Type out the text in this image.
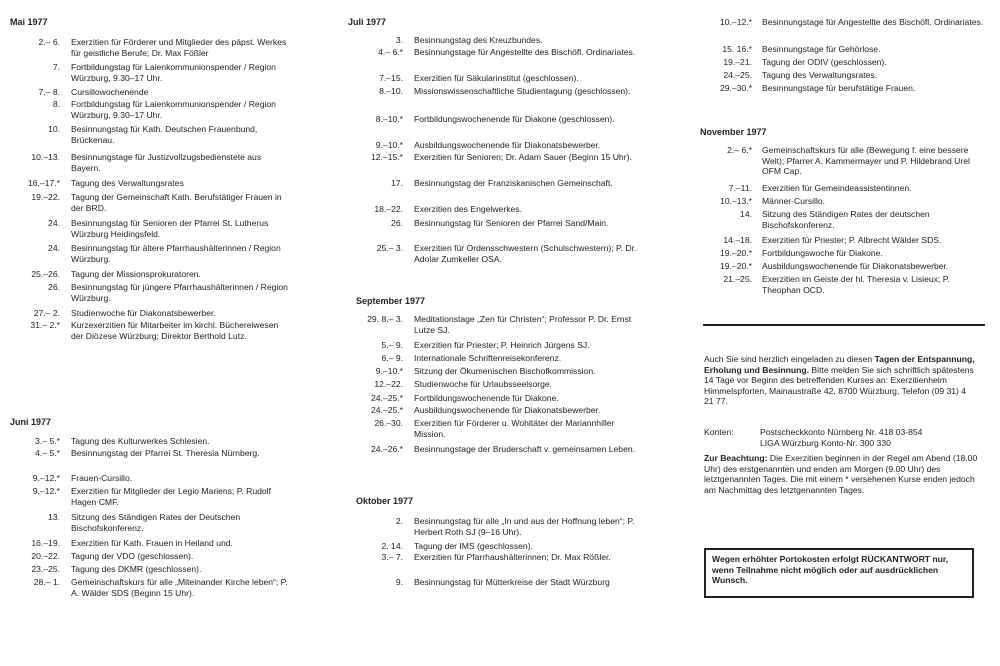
Mai 1977
2.– 6. Exerzitien für Förderer und Mitglieder des päpst. Werkes für geistliche Berufe; Dr. Max Fößler
7. Fortbildungstag für Laienkommunionspender / Region Würzburg, 9.30–17 Uhr.
7.– 8. Cursillowochenende
8. Fortbildungstag für Laienkommunionspender / Region Würzburg, 9.30–17 Uhr.
10. Besinnungstag für Kath. Deutschen Frauenbund, Brückenau.
10.–13. Besinnungstage für Justizvollzugsbedienstete aus Bayern.
16.–17.* Tagung des Verwaltungsrates
19.–22. Tagung der Gemeinschaft Kath. Berufstätiger Frauen in der BRD.
24. Besinnungstag für Senioren der Pfarrei St. Lutherus Würzburg Heidingsfeld.
24. Besinnungstag für ältere Pfarrhaushälterinnen / Region Würzburg.
25.–26. Tagung der Missionsprokuratoren.
26. Besinnungstag für jüngere Pfarrhaushälterinnen / Region Würzburg.
27.– 2. Studienwoche für Diakonatsbewerber.
31.– 2.* Kurzexerzitien für Mitarbeiter im kirchl. Büchereiwesen der Diözese Würzburg; Direktor Berthold Lutz.
Juni 1977
3.– 5.* Tagung des Kulturwerkes Schlesien.
4.– 5.* Besinnungstag der Pfarrei St. Theresia Nürnberg.
9.–12.* Frauen-Cursillo.
9.–12.* Exerzitien für Mitglieder der Legio Mariens; P. Rudolf Hagen CMF.
13. Sitzung des Ständigen Rates der Deutschen Bischofskonferenz.
16.–19. Exerzitien für Kath. Frauen in Heiland und.
20.–22. Tagung der VDO (geschlossen).
23.–25. Tagung des DKMR (geschlossen).
28.– 1. Gemeinschaftskurs für alle „Miteinander Kirche leben“; P. A. Wälder SDS (Beginn 15 Uhr).
Juli 1977
3. Besinnungstag des Kreuzbundes.
4.– 6.* Besinnungstage für Angestellte des Bischöfl. Ordinariates.
7.–15. Exerzitien für Säkularinstitut (geschlossen).
8.–10. Missionswissenschaftliche Studientagung (geschlossen).
8.–10.* Fortbildungswochenende für Diakone (geschlossen).
9.–10.* Ausbildungswochenende für Diakonatsbewerber.
12.–15.* Exerzitien für Senioren; Dr. Adam Sauer (Beginn 15 Uhr).
17. Besinnungstag der Franziskanischen Gemeinschaft.
18.–22. Exerzitien des Engelwerkes.
26. Besinnungstag für Senioren der Pfarrei Sand/Main.
25.– 3. Exerzitien für Ordensschwestern (Schulschwestern); P. Dr. Adolar Zumkeller OSA.
September 1977
29. 8.– 3. Meditationstage „Zen für Christen“; Professor P. Dr. Ernst Lutze SJ.
5.– 9. Exerzitien für Priester; P. Heinrich Jürgens SJ.
6.– 9. Internationale Schriftenreisekonferenz.
9.–10.* Sitzung der Ökumenischen Bischofkommission.
12.–22. Studienwoche für Urlaubsseelsorge.
24.–25.* Fortbildungswochenende für Diakone.
24.–25.* Ausbildungswochenende für Diakonatsbewerber.
26.–30. Exerzitien für Förderer u. Wohltäter der Mariannhiller Mission.
24.–26.* Besinnungstage der Bruderschaft v. gemeinsamen Leben.
Oktober 1977
2. Besinnungstag für alle „In und aus der Hoffnung leben“; P. Herbert Roth SJ (9–16 Uhr).
2. 14. Tagung der IMS (geschlossen).
3.– 7. Exerzitien für Pfarrhaushälterinnen; Dr. Max Rößler.
9. Besinnungstag für Mütterkreise der Stadt Würzburg
10.–12.* Besinnungstage für Angestellte des Bischöfl. Ordinariates.
15. 16.* Besinnungstage für Gehörlose.
19.–21. Tagung der ODIV (geschlossen).
24.–25. Tagung des Verwaltungsrates.
29.–30.* Besinnungstage für berufstätige Frauen.
November 1977
2.– 6.* Gemeinschaftskurs für alle (Bewegung f. eine bessere Welt); Pfarrer A. Kammermayer und P. Hildebrand Urel OFM Cap.
7.–11. Exerzitien für Gemeindeassistentinnen.
10.–13.* Männer-Cursillo.
14. Sitzung des Ständigen Rates der deutschen Bischofskonferenz.
14.–18. Exerzitien für Priester; P. Albrecht Wälder SDS.
19.–20.* Fortbildungswoche für Diakone.
19.–20.* Ausbildungswochenende für Diakonatsbewerber.
21.–25. Exerzitien im Geiste der hl. Theresia v. Lisieux; P. Theophan OCD.
Auch Sie sind herzlich eingeladen zu diesen Tagen der Entspannung, Erholung und Besinnung. Bitte melden Sie sich schriftlich spätestens 14 Tage vor Beginn des betreffenden Kurses an: Exerzitienheim Himmelspforten, Mainaustraße 42, 8700 Würzburg, Telefon (09 31) 4 21 77.
Konten:	Postscheckkonto Nürnberg Nr. 418 03-854
LIGA Würzburg Konto-Nr. 300 330
Zur Beachtung: Die Exerzitien beginnen in der Regel am Abend (18.00 Uhr) des erstgenannten und enden am Morgen (9.00 Uhr) des letztgenannten Tages. Die mit einem * versehenen Kurse enden jedoch am Nachmittag des letztgenannten Tages.
Wegen erhöhter Portokosten erfolgt RÜCKANTWORT nur, wenn Teilnahme nicht möglich oder auf ausdrücklichen Wunsch.
